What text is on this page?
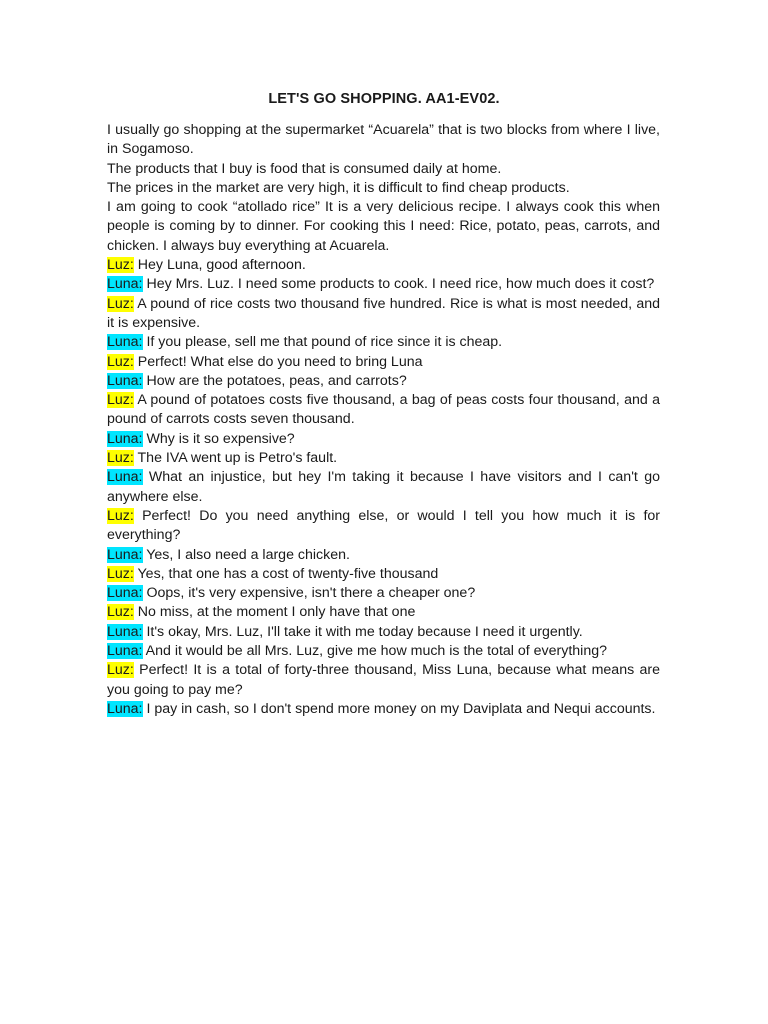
LET'S GO SHOPPING. AA1-EV02.

I usually go shopping at the supermarket “Acuarela” that is two blocks from where I live, in Sogamoso.

The products that I buy is food that is consumed daily at home.

The prices in the market are very high, it is difficult to find cheap products.

I am going to cook “atollado rice” It is a very delicious recipe. I always cook this when people is coming by to dinner. For cooking this I need: Rice, potato, peas, carrots, and chicken. I always buy everything at Acuarela.

Luz: Hey Luna, good afternoon.

Luna: Hey Mrs. Luz. I need some products to cook. I need rice, how much does it cost?

Luz: A pound of rice costs two thousand five hundred. Rice is what is most needed, and it is expensive.

Luna: If you please, sell me that pound of rice since it is cheap.

Luz: Perfect! What else do you need to bring Luna

Luna: How are the potatoes, peas, and carrots?

Luz: A pound of potatoes costs five thousand, a bag of peas costs four thousand, and a pound of carrots costs seven thousand.

Luna: Why is it so expensive?

Luz: The IVA went up is Petro's fault.

Luna: What an injustice, but hey I'm taking it because I have visitors and I can't go anywhere else.

Luz: Perfect! Do you need anything else, or would I tell you how much it is for everything?

Luna: Yes, I also need a large chicken.

Luz: Yes, that one has a cost of twenty-five thousand

Luna: Oops, it's very expensive, isn't there a cheaper one?

Luz: No miss, at the moment I only have that one

Luna: It's okay, Mrs. Luz, I'll take it with me today because I need it urgently.

Luna: And it would be all Mrs. Luz, give me how much is the total of everything?

Luz: Perfect! It is a total of forty-three thousand, Miss Luna, because what means are you going to pay me?

Luna: I pay in cash, so I don't spend more money on my Daviplata and Nequi accounts.
